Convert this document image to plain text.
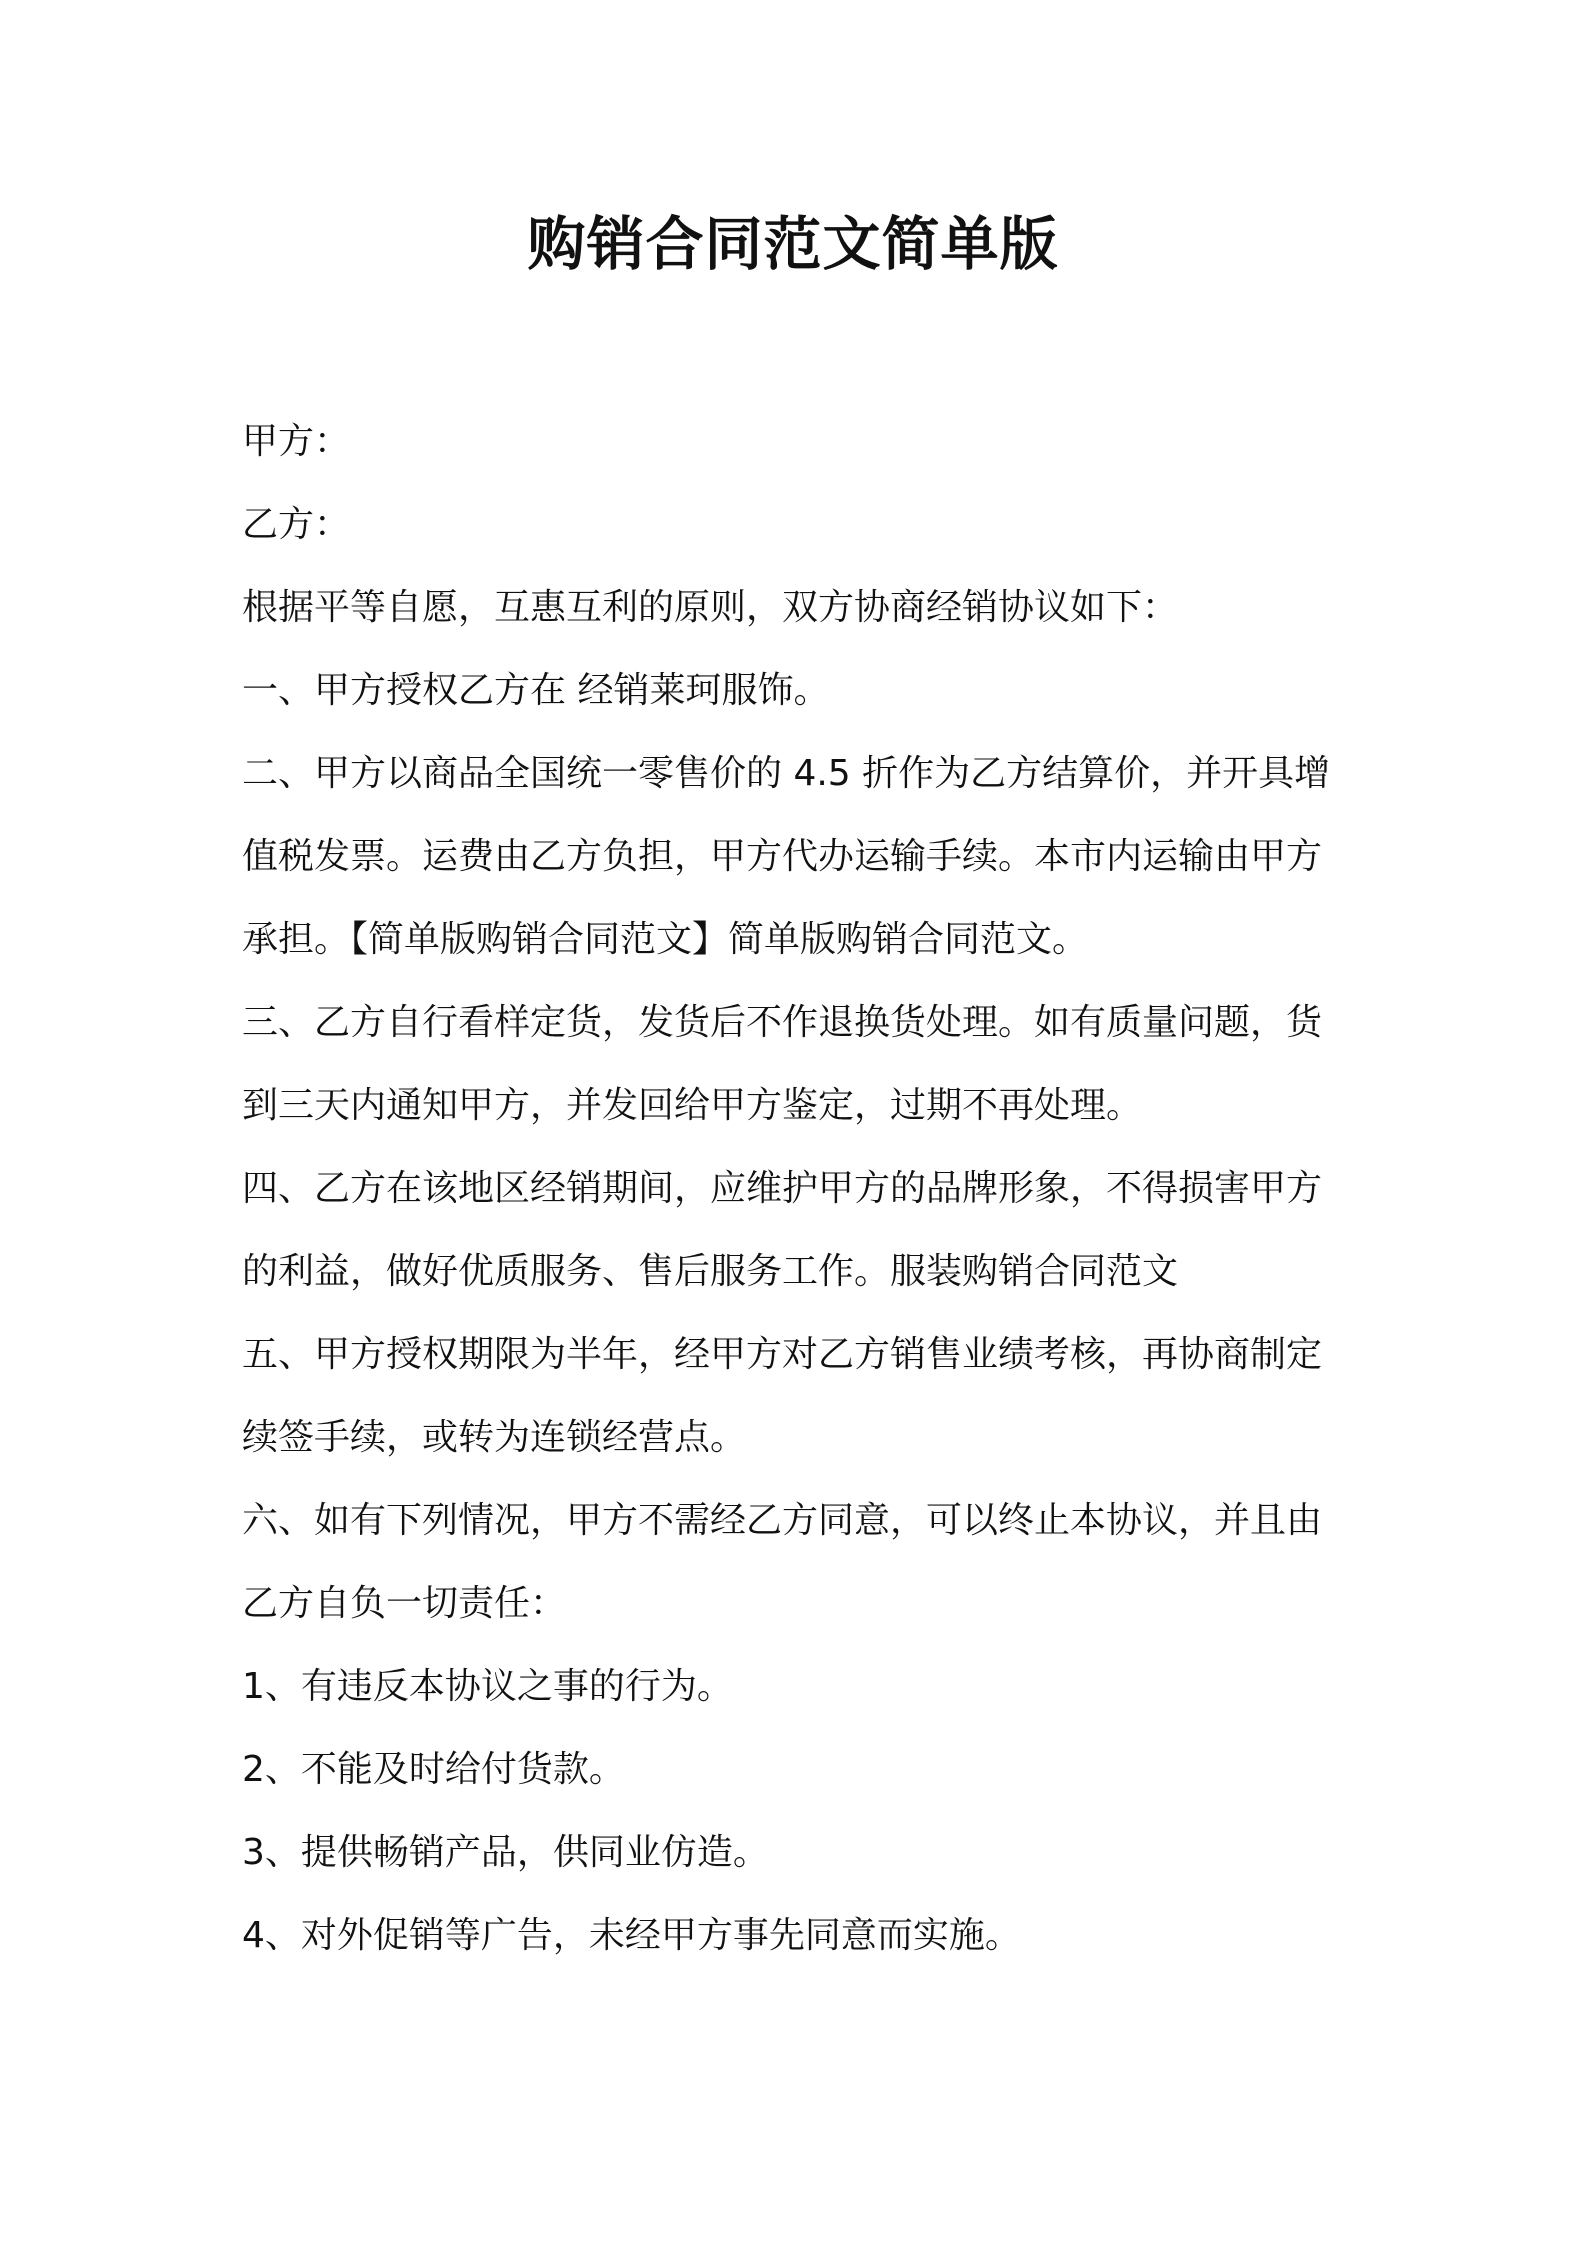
购销合同范文简单版
甲方：
乙方：
根据平等自愿，互惠互利的原则，双方协商经销协议如下：
一、甲方授权乙方在 经销莱珂服饰。
二、甲方以商品全国统一零售价的 4.5 折作为乙方结算价，并开具增
值税发票。运费由乙方负担，甲方代办运输手续。本市内运输由甲方
承担。【简单版购销合同范文】简单版购销合同范文。
三、乙方自行看样定货，发货后不作退换货处理。如有质量问题，货
到三天内通知甲方，并发回给甲方鉴定，过期不再处理。
四、乙方在该地区经销期间，应维护甲方的品牌形象，不得损害甲方
的利益，做好优质服务、售后服务工作。服装购销合同范文
五、甲方授权期限为半年，经甲方对乙方销售业绩考核，再协商制定
续签手续，或转为连锁经营点。
六、如有下列情况，甲方不需经乙方同意，可以终止本协议，并且由
乙方自负一切责任：
1、有违反本协议之事的行为。
2、不能及时给付货款。
3、提供畅销产品，供同业仿造。
4、对外促销等广告，未经甲方事先同意而实施。
